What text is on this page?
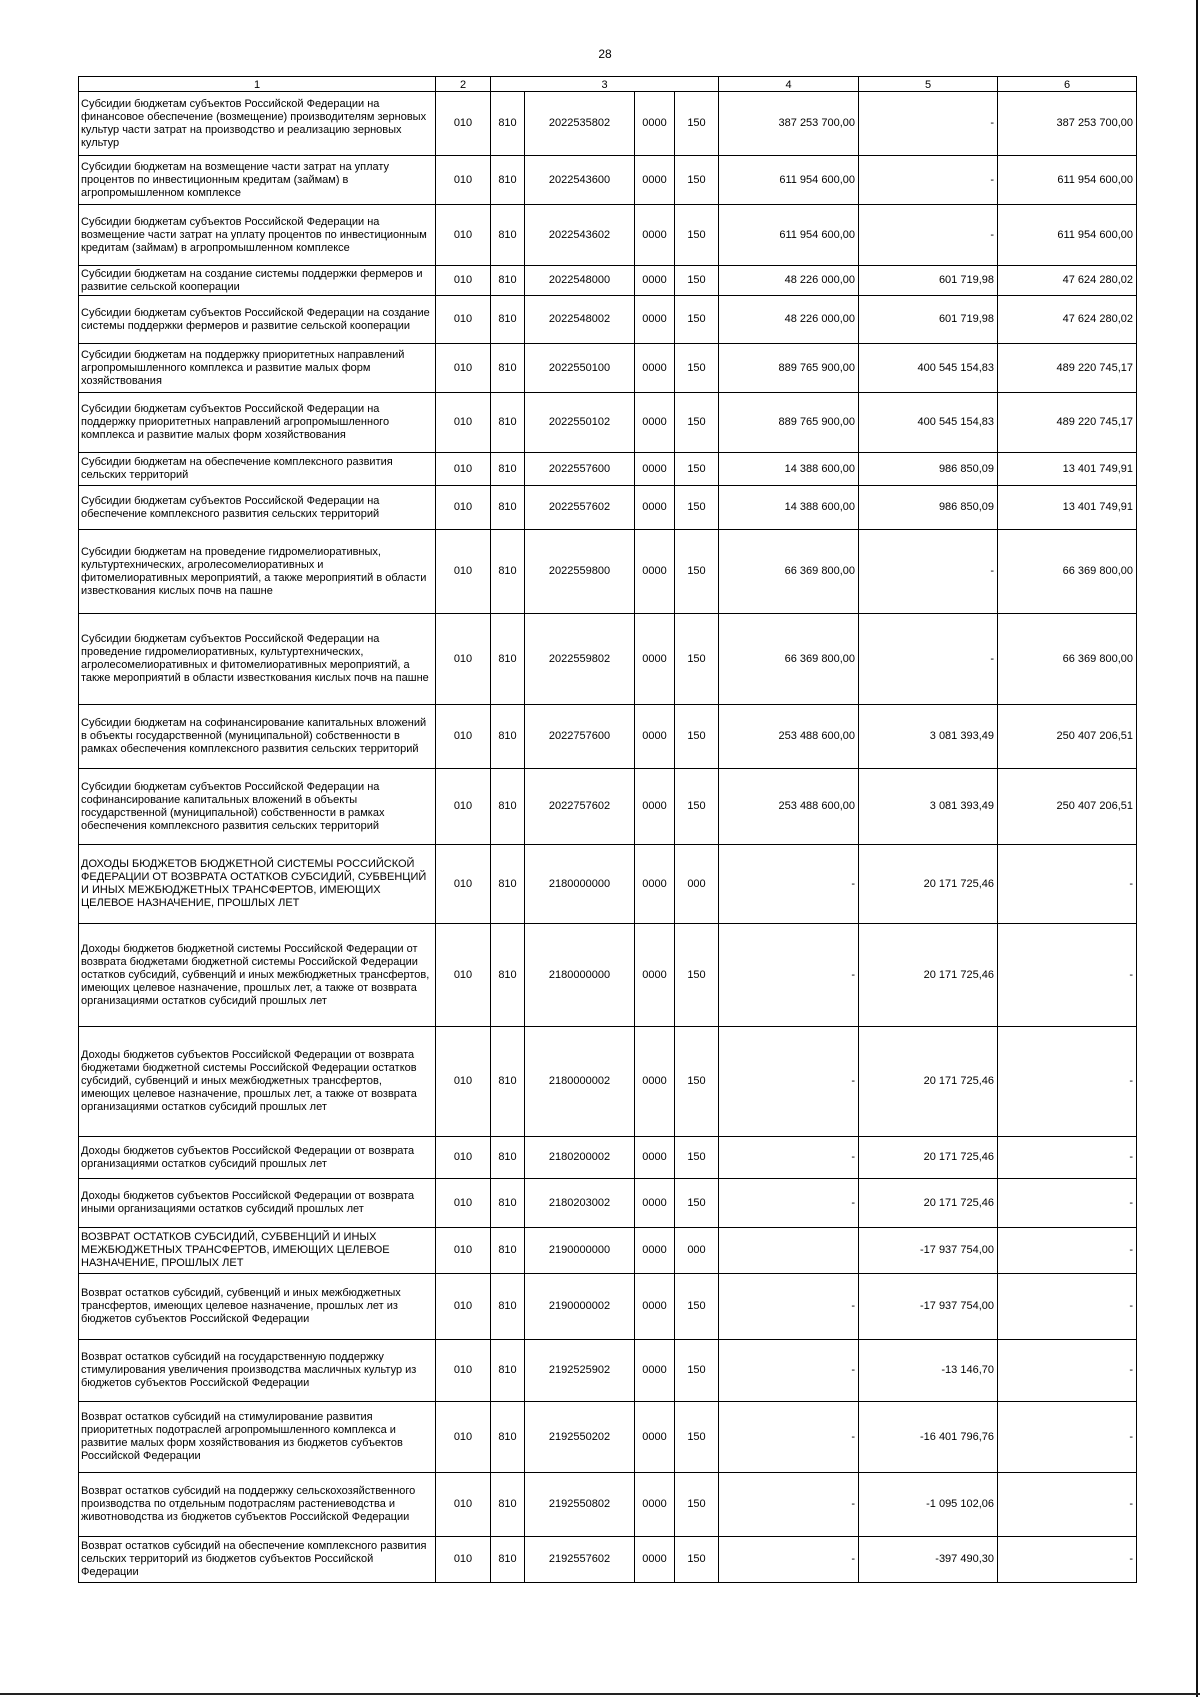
28
1	2	3				4	5	6
Субсидии бюджетам субъектов Российской Федерации на финансовое обеспечение (возмещение) производителям зерновых культур части затрат на производство и реализацию зерновых культур	010	810	2022535802	0000	150	387 253 700,00	-	387 253 700,00
Субсидии бюджетам на возмещение части затрат на уплату процентов по инвестиционным кредитам (займам) в агропромышленном комплексе	010	810	2022543600	0000	150	611 954 600,00	-	611 954 600,00
Субсидии бюджетам субъектов Российской Федерации на возмещение части затрат на уплату процентов по инвестиционным кредитам (займам) в агропромышленном комплексе	010	810	2022543602	0000	150	611 954 600,00	-	611 954 600,00
Субсидии бюджетам на создание системы поддержки фермеров и развитие сельской кооперации	010	810	2022548000	0000	150	48 226 000,00	601 719,98	47 624 280,02
Субсидии бюджетам субъектов Российской Федерации на создание системы поддержки фермеров и развитие сельской кооперации	010	810	2022548002	0000	150	48 226 000,00	601 719,98	47 624 280,02
Субсидии бюджетам на поддержку приоритетных направлений агропромышленного комплекса и развитие малых форм хозяйствования	010	810	2022550100	0000	150	889 765 900,00	400 545 154,83	489 220 745,17
Субсидии бюджетам субъектов Российской Федерации на поддержку приоритетных направлений агропромышленного комплекса и развитие малых форм хозяйствования	010	810	2022550102	0000	150	889 765 900,00	400 545 154,83	489 220 745,17
Субсидии бюджетам на обеспечение комплексного развития сельских территорий	010	810	2022557600	0000	150	14 388 600,00	986 850,09	13 401 749,91
Субсидии бюджетам субъектов Российской Федерации на обеспечение комплексного развития сельских территорий	010	810	2022557602	0000	150	14 388 600,00	986 850,09	13 401 749,91
Субсидии бюджетам на проведение гидромелиоративных, культуртехнических, агролесомелиоративных и фитомелиоративных мероприятий, а также мероприятий в области известкования кислых почв на пашне	010	810	2022559800	0000	150	66 369 800,00	-	66 369 800,00
Субсидии бюджетам субъектов Российской Федерации на проведение гидромелиоративных, культуртехнических, агролесомелиоративных и фитомелиоративных мероприятий, а также мероприятий в области известкования кислых почв на пашне	010	810	2022559802	0000	150	66 369 800,00	-	66 369 800,00
Субсидии бюджетам на софинансирование капитальных вложений в объекты государственной (муниципальной) собственности в рамках обеспечения комплексного развития сельских территорий	010	810	2022757600	0000	150	253 488 600,00	3 081 393,49	250 407 206,51
Субсидии бюджетам субъектов Российской Федерации на софинансирование капитальных вложений в объекты государственной (муниципальной) собственности в рамках обеспечения комплексного развития сельских территорий	010	810	2022757602	0000	150	253 488 600,00	3 081 393,49	250 407 206,51
ДОХОДЫ БЮДЖЕТОВ БЮДЖЕТНОЙ СИСТЕМЫ РОССИЙСКОЙ ФЕДЕРАЦИИ ОТ ВОЗВРАТА ОСТАТКОВ СУБСИДИЙ, СУБВЕНЦИЙ И ИНЫХ МЕЖБЮДЖЕТНЫХ ТРАНСФЕРТОВ, ИМЕЮЩИХ ЦЕЛЕВОЕ НАЗНАЧЕНИЕ, ПРОШЛЫХ ЛЕТ	010	810	2180000000	0000	000	-	20 171 725,46	-
Доходы бюджетов бюджетной системы Российской Федерации от возврата бюджетами бюджетной системы Российской Федерации остатков субсидий, субвенций и иных межбюджетных трансфертов, имеющих целевое назначение, прошлых лет, а также от возврата организациями остатков субсидий прошлых лет	010	810	2180000000	0000	150	-	20 171 725,46	-
Доходы бюджетов субъектов Российской Федерации от возврата бюджетами бюджетной системы Российской Федерации остатков субсидий, субвенций и иных межбюджетных трансфертов, имеющих целевое назначение, прошлых лет, а также от возврата организациями остатков субсидий прошлых лет	010	810	2180000002	0000	150	-	20 171 725,46	-
Доходы бюджетов субъектов Российской Федерации от возврата организациями остатков субсидий прошлых лет	010	810	2180200002	0000	150	-	20 171 725,46	-
Доходы бюджетов субъектов Российской Федерации от возврата иными организациями остатков субсидий прошлых лет	010	810	2180203002	0000	150	-	20 171 725,46	-
ВОЗВРАТ ОСТАТКОВ СУБСИДИЙ, СУБВЕНЦИЙ И ИНЫХ МЕЖБЮДЖЕТНЫХ ТРАНСФЕРТОВ, ИМЕЮЩИХ ЦЕЛЕВОЕ НАЗНАЧЕНИЕ, ПРОШЛЫХ ЛЕТ	010	810	2190000000	0000	000		-17 937 754,00	-
Возврат остатков субсидий, субвенций и иных межбюджетных трансфертов, имеющих целевое назначение, прошлых лет из бюджетов субъектов Российской Федерации	010	810	2190000002	0000	150	-	-17 937 754,00	-
Возврат остатков субсидий на государственную поддержку стимулирования увеличения производства масличных культур из бюджетов субъектов Российской Федерации	010	810	2192525902	0000	150	-	-13 146,70	-
Возврат остатков субсидий на стимулирование развития приоритетных подотраслей агропромышленного комплекса и развитие малых форм хозяйствования из бюджетов субъектов Российской Федерации	010	810	2192550202	0000	150	-	-16 401 796,76	-
Возврат остатков субсидий на поддержку сельскохозяйственного производства по отдельным подотраслям растениеводства и животноводства из бюджетов субъектов Российской Федерации	010	810	2192550802	0000	150	-	-1 095 102,06	-
Возврат остатков субсидий на обеспечение комплексного развития сельских территорий из бюджетов субъектов Российской Федерации	010	810	2192557602	0000	150	-	-397 490,30	-
